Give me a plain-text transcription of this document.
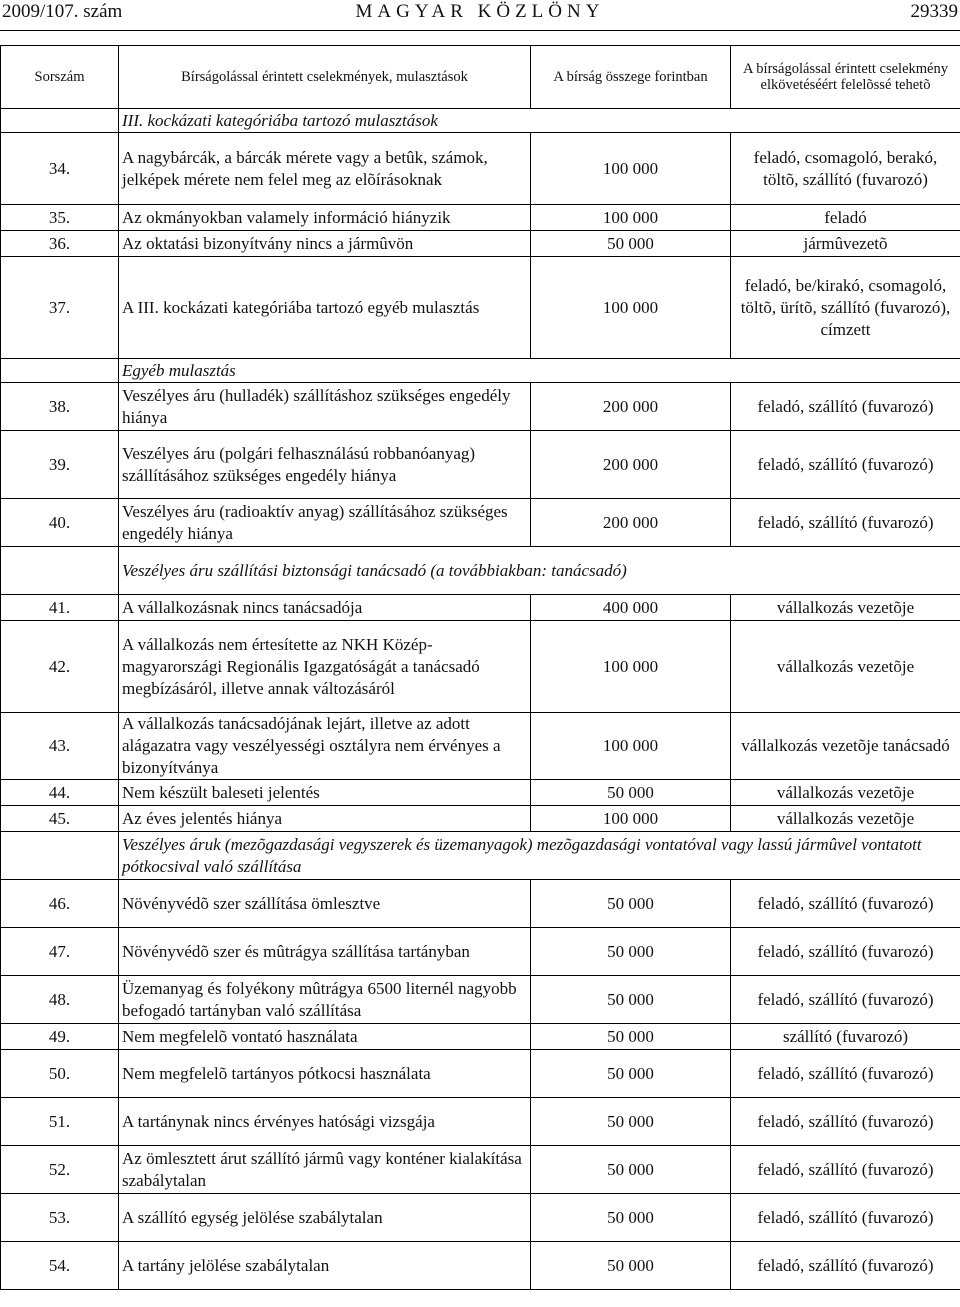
2009/107. szám	MAGYAR KÖZLÖNY	29339
Sorszám	Bírságolással érintett cselekmények, mulasztások	A bírság összege forintban	A bírságolással érintett cselekmény elkövetéséért felelõssé tehetõ
	III. kockázati kategóriába tartozó mulasztások		
34.	A nagybárcák, a bárcák mérete vagy a betûk, számok, jelképek mérete nem felel meg az elõírásoknak	100 000	feladó, csomagoló, berakó, töltõ, szállító (fuvarozó)
35.	Az okmányokban valamely információ hiányzik	100 000	feladó
36.	Az oktatási bizonyítvány nincs a jármûvön	50 000	jármûvezetõ
37.	A III. kockázati kategóriába tartozó egyéb mulasztás	100 000	feladó, be/kirakó, csomagoló, töltõ, ürítõ, szállító (fuvarozó), címzett
	Egyéb mulasztás		
38.	Veszélyes áru (hulladék) szállításhoz szükséges engedély hiánya	200 000	feladó, szállító (fuvarozó)
39.	Veszélyes áru (polgári felhasználású robbanóanyag) szállításához szükséges engedély hiánya	200 000	feladó, szállító (fuvarozó)
40.	Veszélyes áru (radioaktív anyag) szállításához szükséges engedély hiánya	200 000	feladó, szállító (fuvarozó)
	Veszélyes áru szállítási biztonsági tanácsadó (a továbbiakban: tanácsadó)		
41.	A vállalkozásnak nincs tanácsadója	400 000	vállalkozás vezetõje
42.	A vállalkozás nem értesítette az NKH Közép-magyarországi Regionális Igazgatóságát a tanácsadó megbízásáról, illetve annak változásáról	100 000	vállalkozás vezetõje
43.	A vállalkozás tanácsadójának lejárt, illetve az adott alágazatra vagy veszélyességi osztályra nem érvényes a bizonyítványa	100 000	vállalkozás vezetõje tanácsadó
44.	Nem készült baleseti jelentés	50 000	vállalkozás vezetõje
45.	Az éves jelentés hiánya	100 000	vállalkozás vezetõje
	Veszélyes áruk (mezõgazdasági vegyszerek és üzemanyagok) mezõgazdasági vontatóval vagy lassú jármûvel vontatott pótkocsival való szállítása		
46.	Növényvédõ szer szállítása ömlesztve	50 000	feladó, szállító (fuvarozó)
47.	Növényvédõ szer és mûtrágya szállítása tartányban	50 000	feladó, szállító (fuvarozó)
48.	Üzemanyag és folyékony mûtrágya 6500 liternél nagyobb befogadó tartányban való szállítása	50 000	feladó, szállító (fuvarozó)
49.	Nem megfelelõ vontató használata	50 000	szállító (fuvarozó)
50.	Nem megfelelõ tartányos pótkocsi használata	50 000	feladó, szállító (fuvarozó)
51.	A tartánynak nincs érvényes hatósági vizsgája	50 000	feladó, szállító (fuvarozó)
52.	Az ömlesztett árut szállító jármû vagy konténer kialakítása szabálytalan	50 000	feladó, szállító (fuvarozó)
53.	A szállító egység jelölése szabálytalan	50 000	feladó, szállító (fuvarozó)
54.	A tartány jelölése szabálytalan	50 000	feladó, szállító (fuvarozó)
